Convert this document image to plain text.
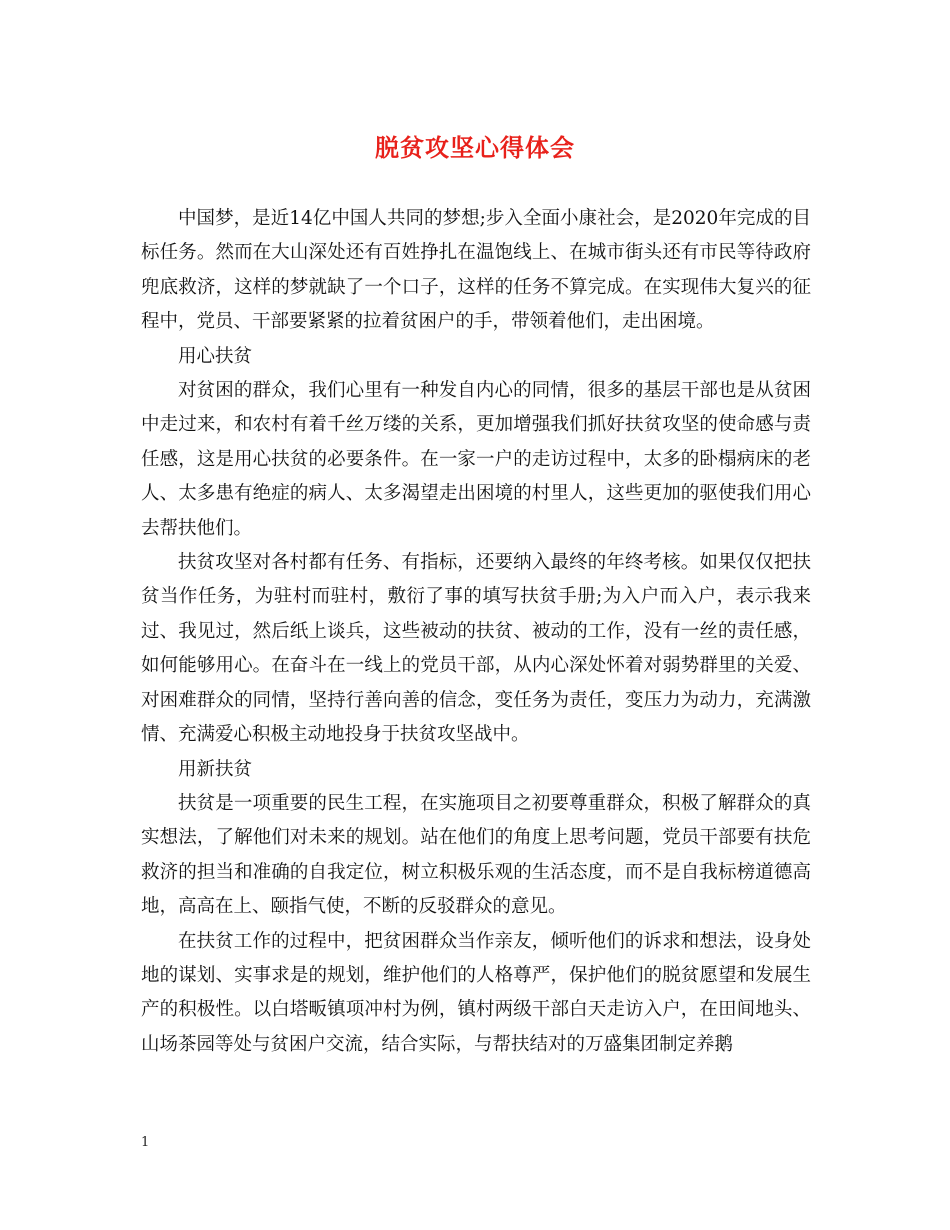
脱贫攻坚心得体会

中国梦，是近14亿中国人共同的梦想;步入全面小康社会，是2020年完成的目标任务。然而在大山深处还有百姓挣扎在温饱线上、在城市街头还有市民等待政府兜底救济，这样的梦就缺了一个口子，这样的任务不算完成。在实现伟大复兴的征程中，党员、干部要紧紧的拉着贫困户的手，带领着他们，走出困境。

用心扶贫

对贫困的群众，我们心里有一种发自内心的同情，很多的基层干部也是从贫困中走过来，和农村有着千丝万缕的关系，更加增强我们抓好扶贫攻坚的使命感与责任感，这是用心扶贫的必要条件。在一家一户的走访过程中，太多的卧榻病床的老人、太多患有绝症的病人、太多渴望走出困境的村里人，这些更加的驱使我们用心去帮扶他们。

扶贫攻坚对各村都有任务、有指标，还要纳入最终的年终考核。如果仅仅把扶贫当作任务，为驻村而驻村，敷衍了事的填写扶贫手册;为入户而入户，表示我来过、我见过，然后纸上谈兵，这些被动的扶贫、被动的工作，没有一丝的责任感，如何能够用心。在奋斗在一线上的党员干部，从内心深处怀着对弱势群里的关爱、对困难群众的同情，坚持行善向善的信念，变任务为责任，变压力为动力，充满激情、充满爱心积极主动地投身于扶贫攻坚战中。

用新扶贫

扶贫是一项重要的民生工程，在实施项目之初要尊重群众，积极了解群众的真实想法，了解他们对未来的规划。站在他们的角度上思考问题，党员干部要有扶危救济的担当和准确的自我定位，树立积极乐观的生活态度，而不是自我标榜道德高地，高高在上、颐指气使，不断的反驳群众的意见。

在扶贫工作的过程中，把贫困群众当作亲友，倾听他们的诉求和想法，设身处地的谋划、实事求是的规划，维护他们的人格尊严，保护他们的脱贫愿望和发展生产的积极性。以白塔畈镇项冲村为例，镇村两级干部白天走访入户，在田间地头、山场茶园等处与贫困户交流，结合实际，与帮扶结对的万盛集团制定养鹅

1
